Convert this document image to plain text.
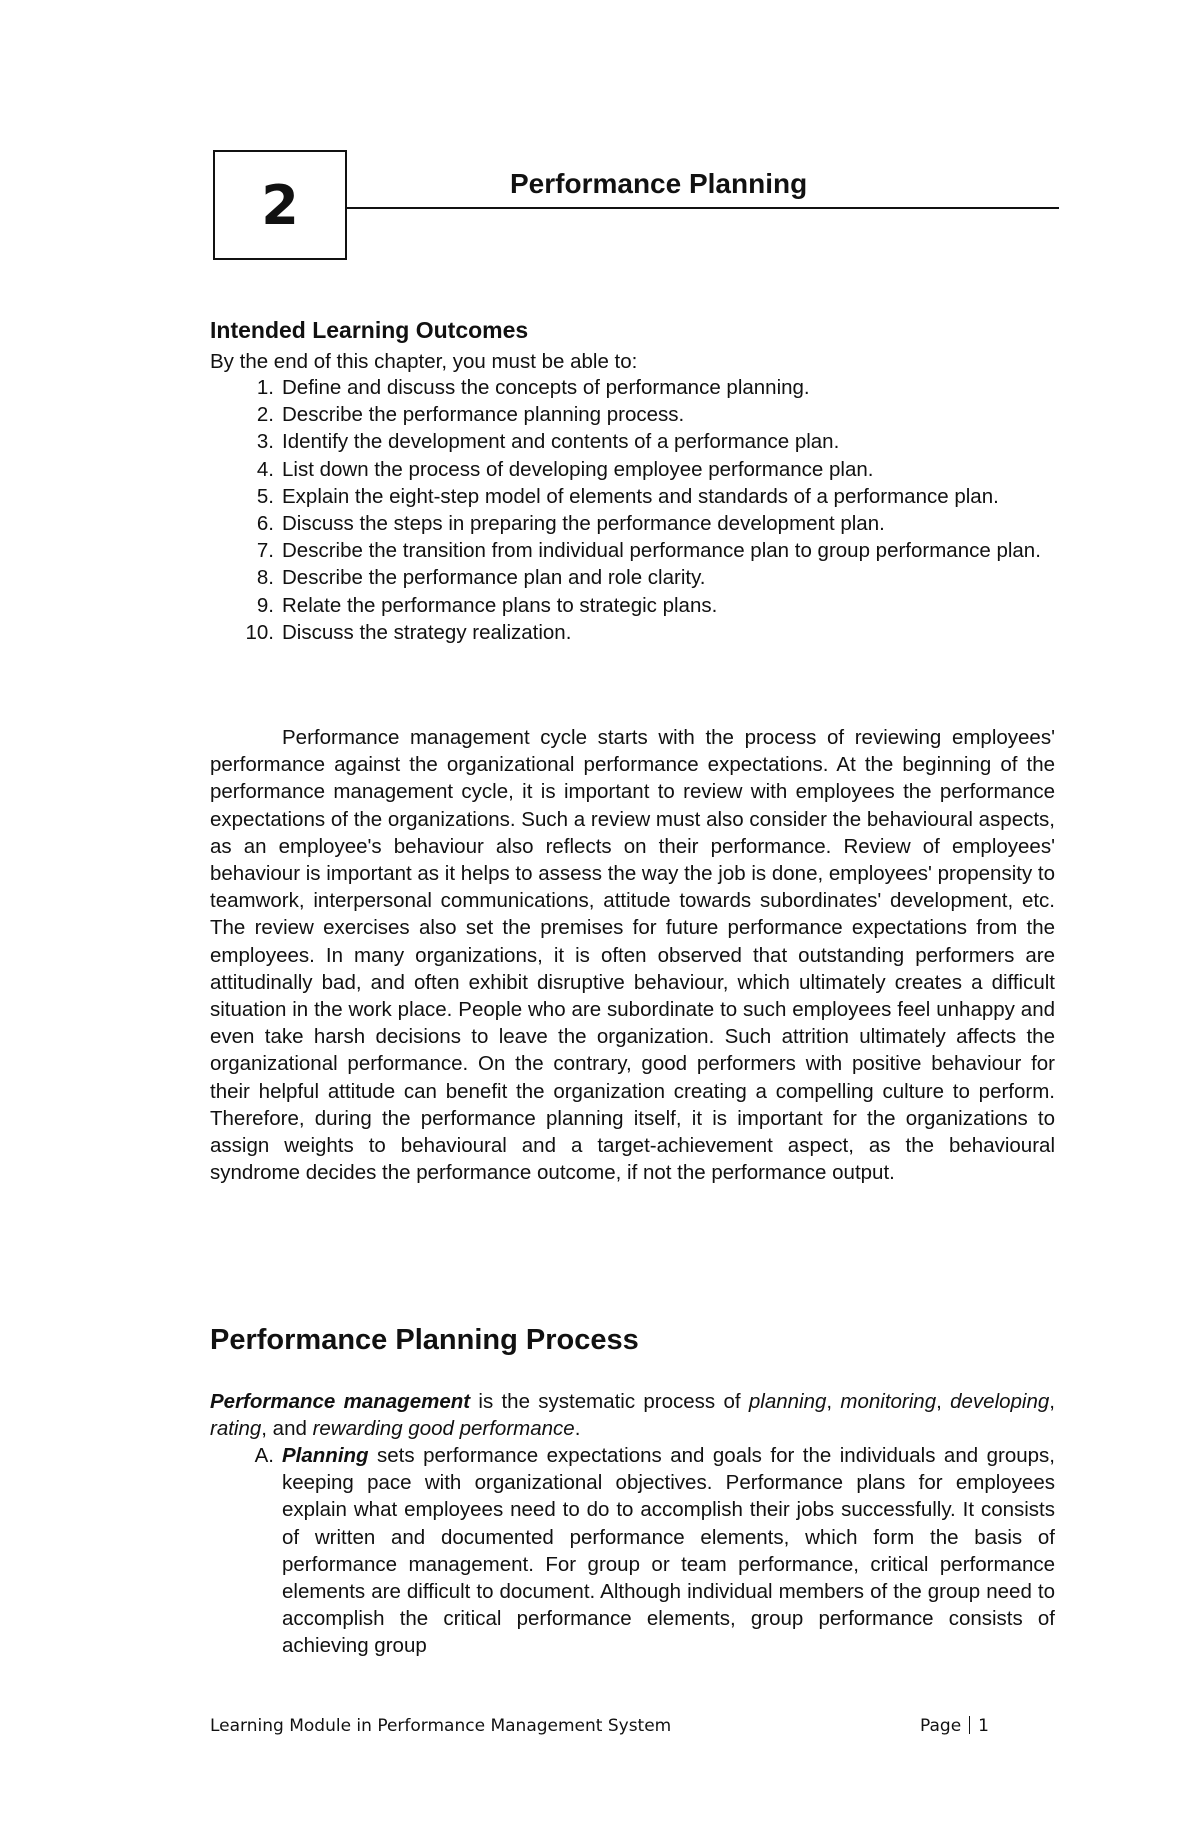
2	Performance Planning
Intended Learning Outcomes
By the end of this chapter, you must be able to:
1. Define and discuss the concepts of performance planning.
2. Describe the performance planning process.
3. Identify the development and contents of a performance plan.
4. List down the process of developing employee performance plan.
5. Explain the eight-step model of elements and standards of a performance plan.
6. Discuss the steps in preparing the performance development plan.
7. Describe the transition from individual performance plan to group performance plan.
8. Describe the performance plan and role clarity.
9. Relate the performance plans to strategic plans.
10. Discuss the strategy realization.
Performance management cycle starts with the process of reviewing employees' performance against the organizational performance expectations. At the beginning of the performance management cycle, it is important to review with employees the performance expectations of the organizations. Such a review must also consider the behavioural aspects, as an employee's behaviour also reflects on their performance. Review of employees' behaviour is important as it helps to assess the way the job is done, employees' propensity to teamwork, interpersonal communications, attitude towards subordinates' development, etc. The review exercises also set the premises for future performance expectations from the employees. In many organizations, it is often observed that outstanding performers are attitudinally bad, and often exhibit disruptive behaviour, which ultimately creates a difficult situation in the work place. People who are subordinate to such employees feel unhappy and even take harsh decisions to leave the organization. Such attrition ultimately affects the organizational performance. On the contrary, good performers with positive behaviour for their helpful attitude can benefit the organization creating a compelling culture to perform. Therefore, during the performance planning itself, it is important for the organizations to assign weights to behavioural and a target-achievement aspect, as the behavioural syndrome decides the performance outcome, if not the performance output.
Performance Planning Process
Performance management is the systematic process of planning, monitoring, developing, rating, and rewarding good performance.
A. Planning sets performance expectations and goals for the individuals and groups, keeping pace with organizational objectives. Performance plans for employees explain what employees need to do to accomplish their jobs successfully. It consists of written and documented performance elements, which form the basis of performance management. For group or team performance, critical performance elements are difficult to document. Although individual members of the group need to accomplish the critical performance elements, group performance consists of achieving group
Learning Module in Performance Management System	Page 1
